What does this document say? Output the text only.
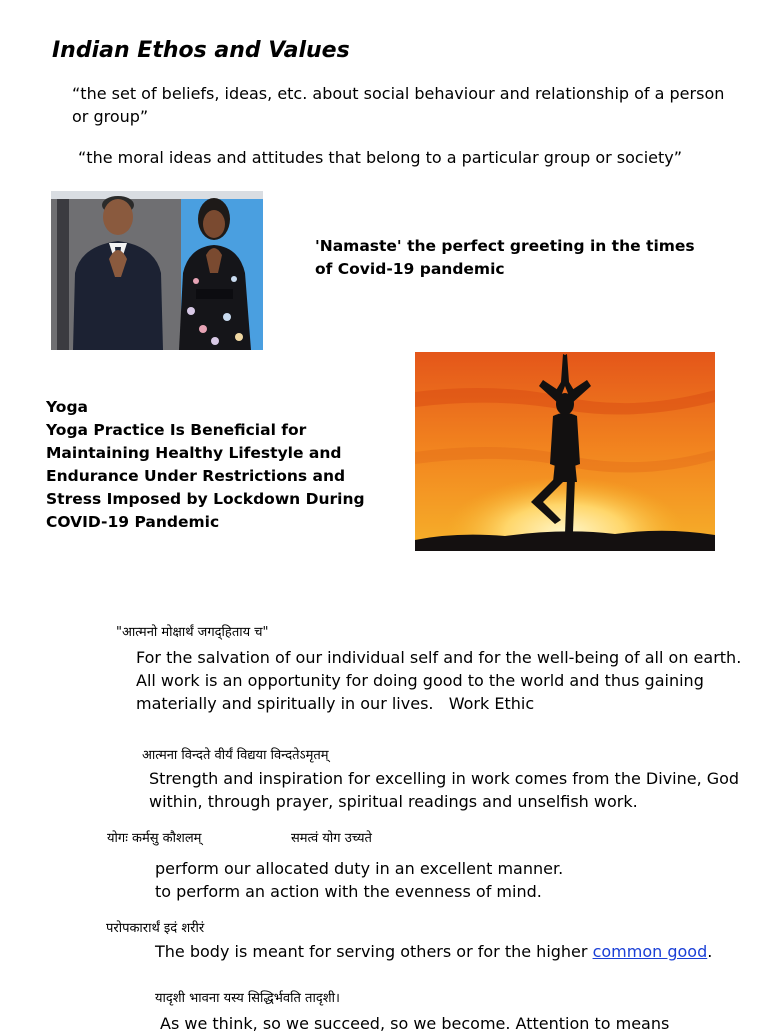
Indian Ethos and Values
“the set of beliefs, ideas, etc. about social behaviour and relationship of a person or group”
“the moral ideas and attitudes that belong to a particular group or society”
'Namaste' the perfect greeting in the times of Covid-19 pandemic
Yoga
Yoga Practice Is Beneficial for Maintaining Healthy Lifestyle and Endurance Under Restrictions and Stress Imposed by Lockdown During COVID-19 Pandemic
"आत्मनो मोक्षार्थं जगद्हिताय च"
For the salvation of our individual self and for the well-being of all on earth.
All work is an opportunity for doing good to the world and thus gaining
materially and spiritually in our lives.   Work Ethic
आत्मना विन्दते वीर्यं विद्यया विन्दतेऽमृतम्
Strength and inspiration for excelling in work comes from the Divine, God
within, through prayer, spiritual readings and unselfish work.
योगः कर्मसु कौशलम्	समत्वं योग उच्यते
perform our allocated duty in an excellent manner.
to perform an action with the evenness of mind.
परोपकारार्थं इदं शरीरं
The body is meant for serving others or for the higher common good.
यादृशी भावना यस्य सिद्धिर्भवति तादृशी।
As we think, so we succeed, so we become. Attention to means
